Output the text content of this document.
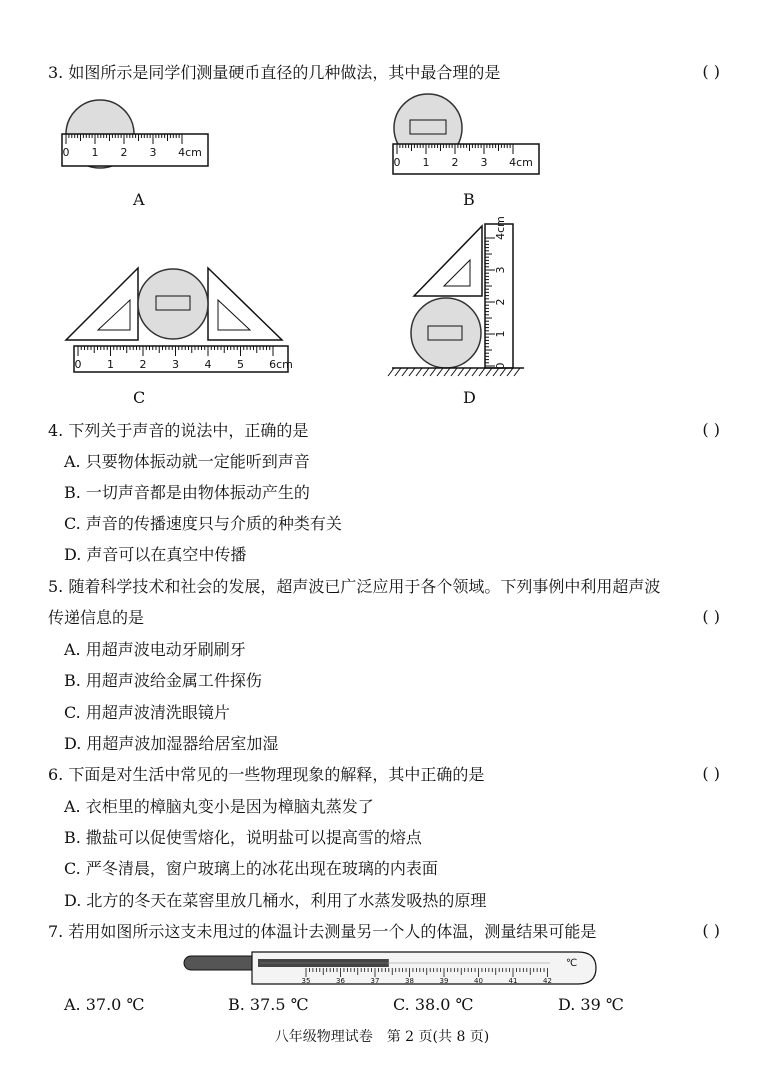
3. 如图所示是同学们测量硬币直径的几种做法，其中最合理的是	( )
0 1 2 3 4cm
A
0 1 2 3 4cm
B
0 1 2 3 4 5 6cm
C
0
1
2
3
4cm
D
4. 下列关于声音的说法中，正确的是	( )
A. 只要物体振动就一定能听到声音
B. 一切声音都是由物体振动产生的
C. 声音的传播速度只与介质的种类有关
D. 声音可以在真空中传播
5. 随着科学技术和社会的发展，超声波已广泛应用于各个领域。下列事例中利用超声波
传递信息的是	( )
A. 用超声波电动牙刷刷牙
B. 用超声波给金属工件探伤
C. 用超声波清洗眼镜片
D. 用超声波加湿器给居室加湿
6. 下面是对生活中常见的一些物理现象的解释，其中正确的是	( )
A. 衣柜里的樟脑丸变小是因为樟脑丸蒸发了
B. 撒盐可以促使雪熔化，说明盐可以提高雪的熔点
C. 严冬清晨，窗户玻璃上的冰花出现在玻璃的内表面
D. 北方的冬天在菜窖里放几桶水，利用了水蒸发吸热的原理
7. 若用如图所示这支未甩过的体温计去测量另一个人的体温，测量结果可能是	( )
35	36	37	38	39	40	41	42
℃
A. 37.0 ℃	B. 37.5 ℃	C. 38.0 ℃	D. 39 ℃
八年级物理试卷　第 2 页(共 8 页)
